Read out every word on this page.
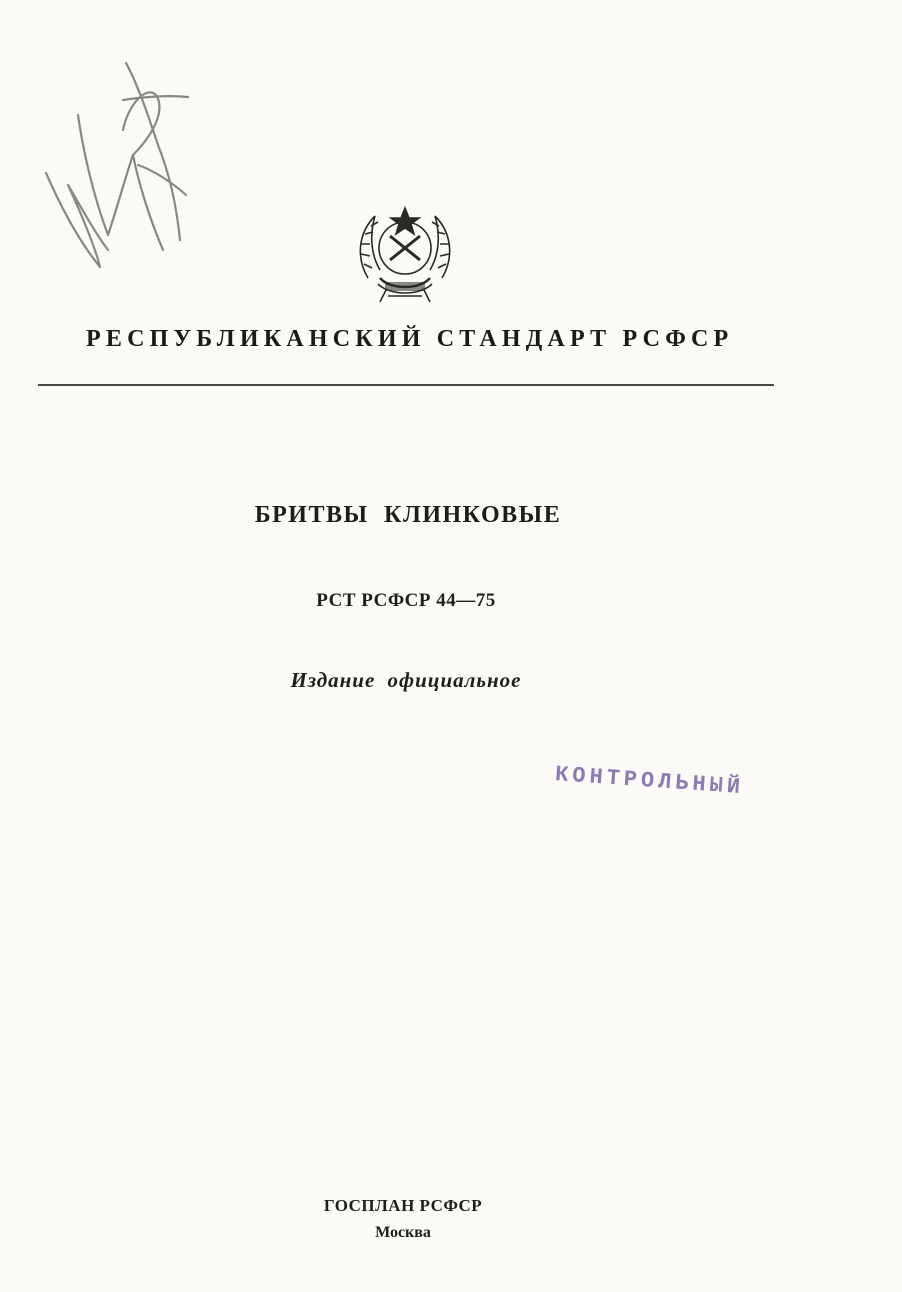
РЕСПУБЛИКАНСКИЙ СТАНДАРТ РСФСР
БРИТВЫ КЛИНКОВЫЕ
РСТ РСФСР 44—75
Издание официальное
КОНТРОЛЬНЫЙ
ГОСПЛАН РСФСР
Москва
